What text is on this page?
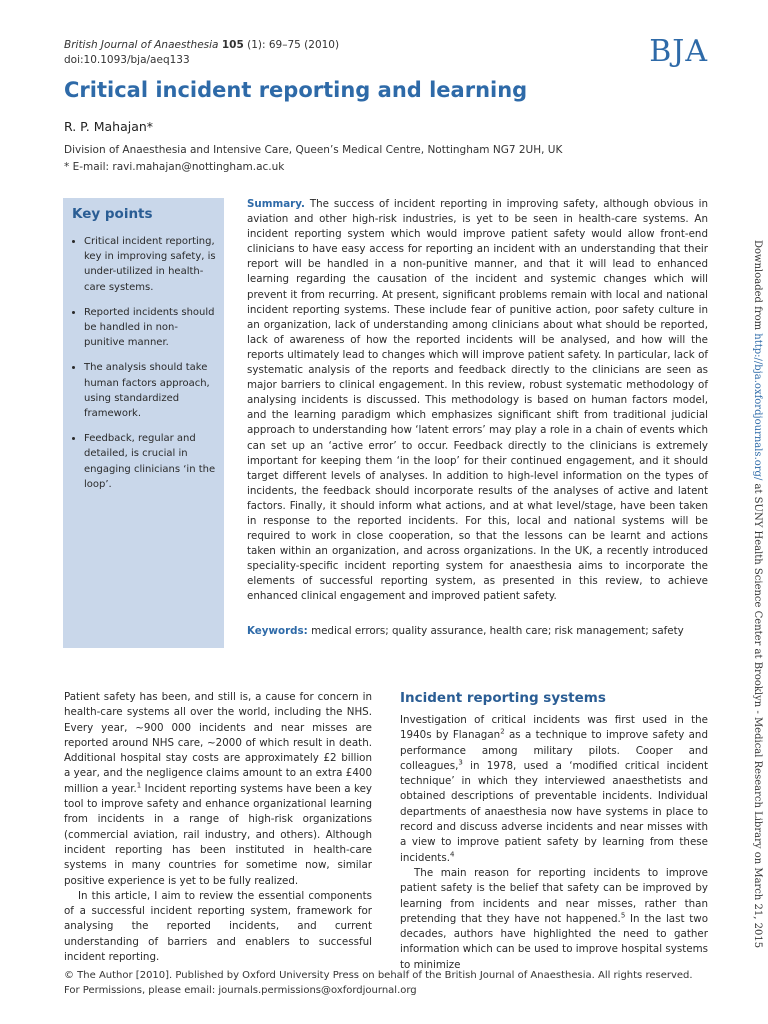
British Journal of Anaesthesia 105 (1): 69–75 (2010)
doi:10.1093/bja/aeq133	BJA
Critical incident reporting and learning
R. P. Mahajan*
Division of Anaesthesia and Intensive Care, Queen’s Medical Centre, Nottingham NG7 2UH, UK
* E-mail: ravi.mahajan@nottingham.ac.uk
Key points
• Critical incident reporting, key in improving safety, is under-utilized in health-care systems.
• Reported incidents should be handled in non-punitive manner.
• The analysis should take human factors approach, using standardized framework.
• Feedback, regular and detailed, is crucial in engaging clinicians ‘in the loop’.
Summary. The success of incident reporting in improving safety, although obvious in aviation and other high-risk industries, is yet to be seen in health-care systems. An incident reporting system which would improve patient safety would allow front-end clinicians to have easy access for reporting an incident with an understanding that their report will be handled in a non-punitive manner, and that it will lead to enhanced learning regarding the causation of the incident and systemic changes which will prevent it from recurring. At present, significant problems remain with local and national incident reporting systems. These include fear of punitive action, poor safety culture in an organization, lack of understanding among clinicians about what should be reported, lack of awareness of how the reported incidents will be analysed, and how will the reports ultimately lead to changes which will improve patient safety. In particular, lack of systematic analysis of the reports and feedback directly to the clinicians are seen as major barriers to clinical engagement. In this review, robust systematic methodology of analysing incidents is discussed. This methodology is based on human factors model, and the learning paradigm which emphasizes significant shift from traditional judicial approach to understanding how ‘latent errors’ may play a role in a chain of events which can set up an ‘active error’ to occur. Feedback directly to the clinicians is extremely important for keeping them ‘in the loop’ for their continued engagement, and it should target different levels of analyses. In addition to high-level information on the types of incidents, the feedback should incorporate results of the analyses of active and latent factors. Finally, it should inform what actions, and at what level/stage, have been taken in response to the reported incidents. For this, local and national systems will be required to work in close cooperation, so that the lessons can be learnt and actions taken within an organization, and across organizations. In the UK, a recently introduced speciality-specific incident reporting system for anaesthesia aims to incorporate the elements of successful reporting system, as presented in this review, to achieve enhanced clinical engagement and improved patient safety.
Keywords: medical errors; quality assurance, health care; risk management; safety

Patient safety has been, and still is, a cause for concern in health-care systems all over the world, including the NHS. Every year, ~900 000 incidents and near misses are reported around NHS care, ~2000 of which result in death. Additional hospital stay costs are approximately £2 billion a year, and the negligence claims amount to an extra £400 million a year.$^1$ Incident reporting systems have been a key tool to improve safety and enhance organizational learning from incidents in a range of high-risk organizations (commercial aviation, rail industry, and others). Although incident reporting has been instituted in health-care systems in many countries for sometime now, similar positive experience is yet to be fully realized.

In this article, I aim to review the essential components of a successful incident reporting system, framework for analysing the reported incidents, and current understanding of barriers and enablers to successful incident reporting.

Incident reporting systems

Investigation of critical incidents was first used in the 1940s by Flanagan$^2$ as a technique to improve safety and performance among military pilots. Cooper and colleagues,$^3$ in 1978, used a ‘modified critical incident technique’ in which they interviewed anaesthetists and obtained descriptions of preventable incidents. Individual departments of anaesthesia now have systems in place to record and discuss adverse incidents and near misses with a view to improve patient safety by learning from these incidents.$^4$

The main reason for reporting incidents to improve patient safety is the belief that safety can be improved by learning from incidents and near misses, rather than pretending that they have not happened.$^5$ In the last two decades, authors have highlighted the need to gather information which can be used to improve hospital systems to minimize

© The Author [2010]. Published by Oxford University Press on behalf of the British Journal of Anaesthesia. All rights reserved.
For Permissions, please email: journals.permissions@oxfordjournal.org
Downloaded from http://bja.oxfordjournals.org/ at SUNY Health Science Center at Brooklyn - Medical Research Library on March 21, 2015
